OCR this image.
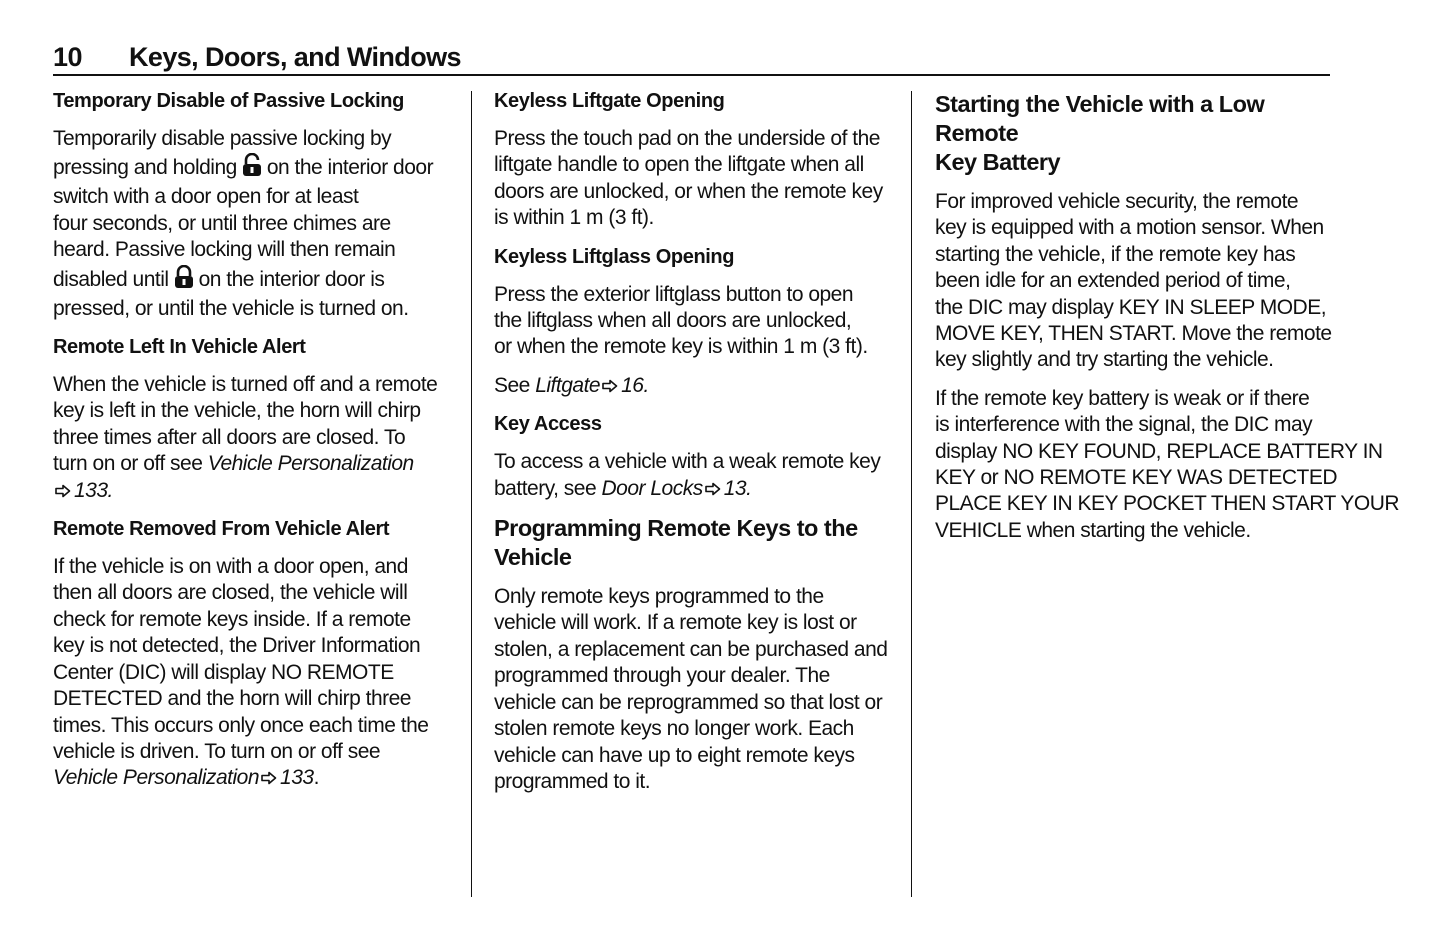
10 Keys, Doors, and Windows
Temporary Disable of Passive Locking
Temporarily disable passive locking by
pressing and holding on the interior door
switch with a door open for at least
four seconds, or until three chimes are
heard. Passive locking will then remain
disabled until on the interior door is
pressed, or until the vehicle is turned on.
Remote Left In Vehicle Alert
When the vehicle is turned off and a remote
key is left in the vehicle, the horn will chirp
three times after all doors are closed. To
turn on or off see Vehicle Personalization
133.
Remote Removed From Vehicle Alert
If the vehicle is on with a door open, and
then all doors are closed, the vehicle will
check for remote keys inside. If a remote
key is not detected, the Driver Information
Center (DIC) will display NO REMOTE
DETECTED and the horn will chirp three
times. This occurs only once each time the
vehicle is driven. To turn on or off see
Vehicle Personalization 133.
Keyless Liftgate Opening
Press the touch pad on the underside of the
liftgate handle to open the liftgate when all
doors are unlocked, or when the remote key
is within 1 m (3 ft).
Keyless Liftglass Opening
Press the exterior liftglass button to open
the liftglass when all doors are unlocked,
or when the remote key is within 1 m (3 ft).
See Liftgate 16.
Key Access
To access a vehicle with a weak remote key
battery, see Door Locks 13.
Programming Remote Keys to the
Vehicle
Only remote keys programmed to the
vehicle will work. If a remote key is lost or
stolen, a replacement can be purchased and
programmed through your dealer. The
vehicle can be reprogrammed so that lost or
stolen remote keys no longer work. Each
vehicle can have up to eight remote keys
programmed to it.
Starting the Vehicle with a Low Remote
Key Battery
For improved vehicle security, the remote
key is equipped with a motion sensor. When
starting the vehicle, if the remote key has
been idle for an extended period of time,
the DIC may display KEY IN SLEEP MODE,
MOVE KEY, THEN START. Move the remote
key slightly and try starting the vehicle.
If the remote key battery is weak or if there
is interference with the signal, the DIC may
display NO KEY FOUND, REPLACE BATTERY IN
KEY or NO REMOTE KEY WAS DETECTED
PLACE KEY IN KEY POCKET THEN START YOUR
VEHICLE when starting the vehicle.
